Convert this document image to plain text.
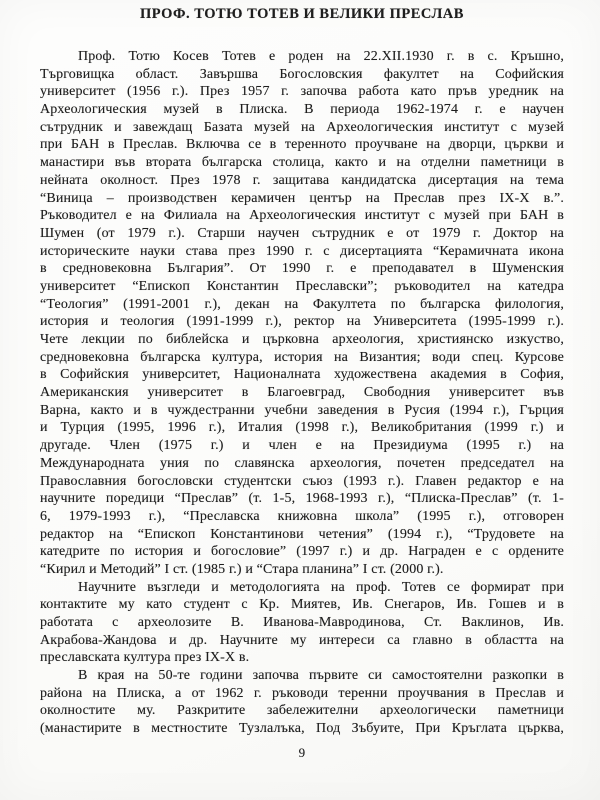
ПРОФ. ТОТЮ ТОТЕВ И ВЕЛИКИ ПРЕСЛАВ
Проф. Тотю Косев Тотев е роден на 22.XII.1930 г. в с. Кръшно,
Търговищка област. Завършва Богословския факултет на Софийския
университет (1956 г.). През 1957 г. започва работа като пръв уредник на
Археологическия музей в Плиска. В периода 1962-1974 г. е научен
сътрудник и завеждащ Базата музей на Археологическия институт с музей
при БАН в Преслав. Включва се в теренното проучване на дворци, църкви и
манастири във втората българска столица, както и на отделни паметници в
нейната околност. През 1978 г. защитава кандидатска дисертация на тема
“Виница – производствен керамичен център на Преслав през IX-X в.”.
Ръководител е на Филиала на Археологическия институт с музей при БАН в
Шумен (от 1979 г.). Старши научен сътрудник е от 1979 г. Доктор на
историческите науки става през 1990 г. с дисертацията “Керамичната икона
в средновековна България”. От 1990 г. е преподавател в Шуменския
университет “Епископ Константин Преславски”; ръководител на катедра
“Теология” (1991-2001 г.), декан на Факултета по българска филология,
история и теология (1991-1999 г.), ректор на Университета (1995-1999 г.).
Чете лекции по библейска и църковна археология, християнско изкуство,
средновековна българска култура, история на Византия; води спец. Курсове
в Софийския университет, Националната художествена академия в София,
Американския университет в Благоевград, Свободния университет във
Варна, както и в чуждестранни учебни заведения в Русия (1994 г.), Гърция
и Турция (1995, 1996 г.), Италия (1998 г.), Великобритания (1999 г.) и
другаде. Член (1975 г.) и член е на Президиума (1995 г.) на
Международната уния по славянска археология, почетен председател на
Православния богословски студентски съюз (1993 г.). Главен редактор е на
научните поредици “Преслав” (т. 1-5, 1968-1993 г.), “Плиска-Преслав” (т. 1-
6, 1979-1993 г.), “Преславска книжовна школа” (1995 г.), отговорен
редактор на “Епископ Константинови четения” (1994 г.), “Трудовете на
катедрите по история и богословие” (1997 г.) и др. Награден е с ордените
“Кирил и Методий” I ст. (1985 г.) и “Стара планина” I ст. (2000 г.).
Научните възгледи и методологията на проф. Тотев се формират при
контактите му като студент с Кр. Миятев, Ив. Снегаров, Ив. Гошев и в
работата с археолозите В. Иванова-Мавродинова, Ст. Ваклинов, Ив.
Акрабова-Жандова и др. Научните му интереси са главно в областта на
преславската култура през IX-X в.
В края на 50-те години започва първите си самостоятелни разкопки в
района на Плиска, а от 1962 г. ръководи теренни проучвания в Преслав и
околностите му. Разкритите забележителни археологически паметници
(манастирите в местностите Тузлалъка, Под Зъбуите, При Кръглата църква,
9
